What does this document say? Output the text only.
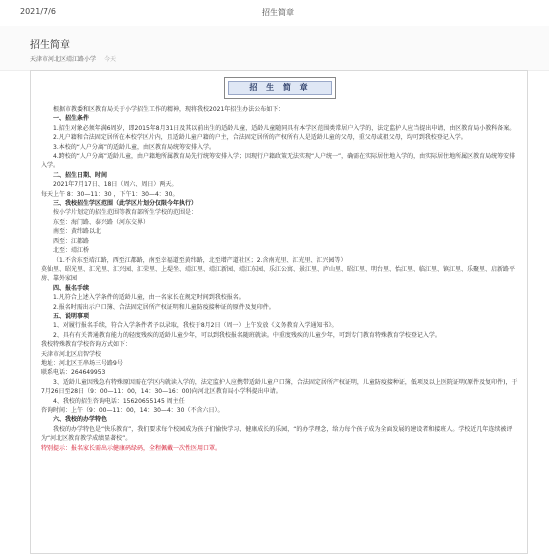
2021/7/6	招生简章
招生简章
天津市河北区靖江路小学 今天
招 生 简 章

根据市教委和区教育局关于小学招生工作的精神，现将我校2021年招生办法公布如下：

一、招生条件

1.招生对象必须年满6周岁，即2015年8月31日及其以前出生的适龄儿童，适龄儿童随同具有本学区范围类常居户入学的，法定监护人应当提出申请，由区教育局小教科备案。

2.凡户籍和合法固定居所在本校学区片内，且适龄儿童户籍的户主，合法固定居所的产权所有人是适龄儿童的父母，重父母或祖父母，均可到我校登记入学。

3.本校的“人户分离”的适龄儿童，由区教育局统筹安排入学。

4.跨校的“人户分离”适龄儿童，由户籍地所属教育局先行统筹安排入学；因现行户籍政策无法实现“人户统一”，确需在实际居住地入学的，由实际居住地所属区教育局统筹安排入学。

二、招生日期、时间

2021年7月17日、18日（周六、周日）两天。

每天上午 8：30—11：30 ，下午1：30—4：30。

三、我校招生学区范围（此学区片划分仅限今年执行）

按小学片划定的招生范围等教育部所生学校的范围是：

东至：海门路、泰兴路（河东交界）

南至：黄纬路以北

西至：江都路

北至：靖江桥

（1.不含东至靖江路，西至江都路，南至幸福道至黄纬路，北至增产道社区；2.含南光里、汇光里、汇兴园等）

莫仙里、昭光里、汇光里、汇兴园、汇荣里、上堤坐、靖江里、靖江新园、靖江东园、乐江公寓、景江里、庐山里、昭江里、明台里、怡江里、临江里、镇江里、乐聚里、启新路平房、靠外家园

四、报名手续

1.凡符合上述入学条件的适龄儿童，由一名家长在规定时间到我校报名。

2.报名时需出示户口簿、合法固定居所产权证明和儿童防疫接种证的原件及复印件。

五、说明事项

1、对履行报名手续，符合入学条件者予以录取，我校于8月2日（周一）上午发放《义务教育入学通知书》。

2、具有有关普通教育能力的轻度残疾的适龄儿童少年，可以到我校报名随班就读。中重度残疾的儿童少年，可到专门教育特殊教育学校登记入学。

我校特殊教育学校咨询方式如下：

天津市河北区启智学校

地址：河北区王串场三号路9号

联系电话：264649953

3、适龄儿童因残急有特殊原因需在学区内就读入学的，法定监护人应携带适龄儿童户口簿，合法固定居所产权证明，儿童防疫接种证，低项及以上医院证明(原件及复印件)，于7月26日至28日（9：00—11：00，14：30—16：00)向河北区教育局小学科提出申请。

4、我校的招生咨询电话：15620655145 周主任

咨询时间：上午（9：00—11：00，14：30—4：30（不含六日）。

六、我校的办学特色

我校的办学特色是“快乐教育”，我们要求每个校园成为孩子们愉快学习、健康成长的乐园，“的办学理念，给力每个孩子成为全面发展的建设者和接班人。学校近几年连续被评为“河北区教育教学成绩显著校”。

特别提示：报名家长需出示健康码绿码，全程佩戴一次性医用口罩。
